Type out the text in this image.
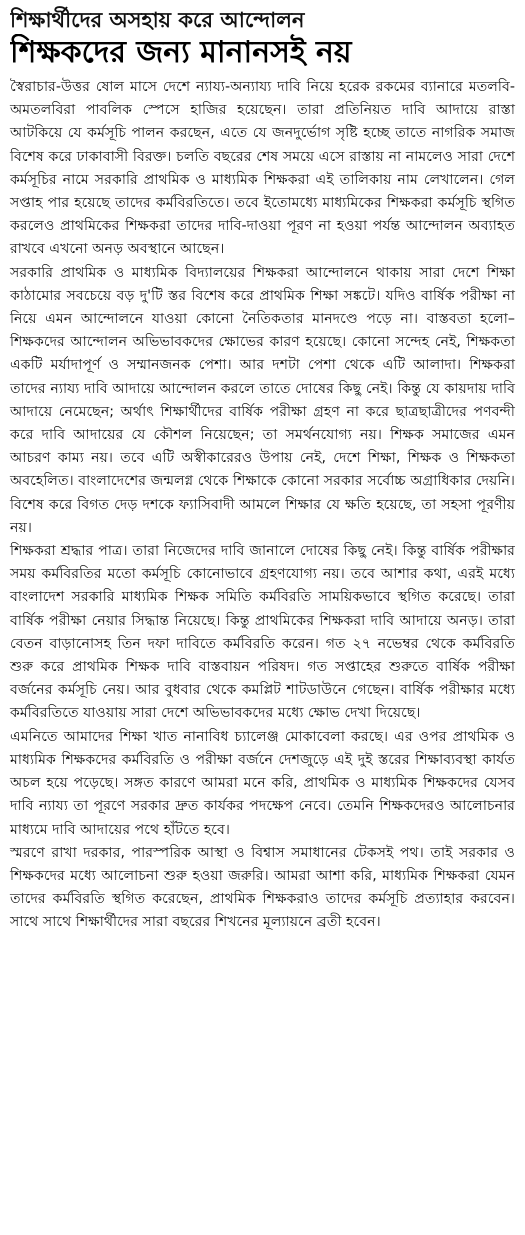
শিক্ষার্থীদের অসহায় করে আন্দোলন
শিক্ষকদের জন্য মানানসই নয়

স্বৈরাচার-উত্তর ষোল মাসে দেশে ন্যায্য-অন্যায্য দাবি নিয়ে হরেক রকমের ব্যানারে মতলবি-অমতলবিরা পাবলিক স্পেসে হাজির হয়েছেন। তারা প্রতিনিয়ত দাবি আদায়ে রাস্তা আটকিয়ে যে কর্মসূচি পালন করছেন, এতে যে জনদুর্ভোগ সৃষ্টি হচ্ছে তাতে নাগরিক সমাজ বিশেষ করে ঢাকাবাসী বিরক্ত। চলতি বছরের শেষ সময়ে এসে রাস্তায় না নামলেও সারা দেশে কর্মসূচির নামে সরকারি প্রাথমিক ও মাধ্যমিক শিক্ষকরা এই তালিকায় নাম লেখালেন। গেল সপ্তাহ পার হয়েছে তাদের কর্মবিরতিতে। তবে ইতোমধ্যে মাধ্যমিকের শিক্ষকরা কর্মসূচি স্থগিত করলেও প্রাথমিকের শিক্ষকরা তাদের দাবি-দাওয়া পূরণ না হওয়া পর্যন্ত আন্দোলন অব্যাহত রাখবে এখনো অনড় অবস্থানে আছেন।

সরকারি প্রাথমিক ও মাধ্যমিক বিদ্যালয়ের শিক্ষকরা আন্দোলনে থাকায় সারা দেশে শিক্ষা কাঠামোর সবচেয়ে বড় দু'টি স্তর বিশেষ করে প্রাথমিক শিক্ষা সঙ্কটে। যদিও বার্ষিক পরীক্ষা না নিয়ে এমন আন্দোলনে যাওয়া কোনো নৈতিকতার মানদণ্ডে পড়ে না। বাস্তবতা হলো– শিক্ষকদের আন্দোলন অভিভাবকদের ক্ষোভের কারণ হয়েছে। কোনো সন্দেহ নেই, শিক্ষকতা একটি মর্যাদাপূর্ণ ও সম্মানজনক পেশা। আর দশটা পেশা থেকে এটি আলাদা। শিক্ষকরা তাদের ন্যায্য দাবি আদায়ে আন্দোলন করলে তাতে দোষের কিছু নেই। কিন্তু যে কায়দায় দাবি আদায়ে নেমেছেন; অর্থাৎ শিক্ষার্থীদের বার্ষিক পরীক্ষা গ্রহণ না করে ছাত্রছাত্রীদের পণবন্দী করে দাবি আদায়ের যে কৌশল নিয়েছেন; তা সমর্থনযোগ্য নয়। শিক্ষক সমাজের এমন আচরণ কাম্য নয়। তবে এটি অস্বীকারেরও উপায় নেই, দেশে শিক্ষা, শিক্ষক ও শিক্ষকতা অবহেলিত। বাংলাদেশের জন্মলগ্ন থেকে শিক্ষাকে কোনো সরকার সর্বোচ্চ অগ্রাধিকার দেয়নি। বিশেষ করে বিগত দেড় দশকে ফ্যাসিবাদী আমলে শিক্ষার যে ক্ষতি হয়েছে, তা সহসা পূরণীয় নয়।

শিক্ষকরা শ্রদ্ধার পাত্র। তারা নিজেদের দাবি জানালে দোষের কিছু নেই। কিন্তু বার্ষিক পরীক্ষার সময় কর্মবিরতির মতো কর্মসূচি কোনোভাবে গ্রহণযোগ্য নয়। তবে আশার কথা, এরই মধ্যে বাংলাদেশ সরকারি মাধ্যমিক শিক্ষক সমিতি কর্মবিরতি সাময়িকভাবে স্থগিত করেছে। তারা বার্ষিক পরীক্ষা নেয়ার সিদ্ধান্ত নিয়েছে। কিন্তু প্রাথমিকের শিক্ষকরা দাবি আদায়ে অনড়। তারা বেতন বাড়ানোসহ তিন দফা দাবিতে কর্মবিরতি করেন। গত ২৭ নভেম্বর থেকে কর্মবিরতি শুরু করে প্রাথমিক শিক্ষক দাবি বাস্তবায়ন পরিষদ। গত সপ্তাহের শুরুতে বার্ষিক পরীক্ষা বর্জনের কর্মসূচি নেয়। আর বুধবার থেকে কমপ্লিট শাটডাউনে গেছেন। বার্ষিক পরীক্ষার মধ্যে কর্মবিরতিতে যাওয়ায় সারা দেশে অভিভাবকদের মধ্যে ক্ষোভ দেখা দিয়েছে।

এমনিতে আমাদের শিক্ষা খাত নানাবিধ চ্যালেঞ্জ মোকাবেলা করছে। এর ওপর প্রাথমিক ও মাধ্যমিক শিক্ষকদের কর্মবিরতি ও পরীক্ষা বর্জনে দেশজুড়ে এই দুই স্তরের শিক্ষাব্যবস্থা কার্যত অচল হয়ে পড়েছে। সঙ্গত কারণে আমরা মনে করি, প্রাথমিক ও মাধ্যমিক শিক্ষকদের যেসব দাবি ন্যায্য তা পূরণে সরকার দ্রুত কার্যকর পদক্ষেপ নেবে। তেমনি শিক্ষকদেরও আলোচনার মাধ্যমে দাবি আদায়ের পথে হাঁটতে হবে।

স্মরণে রাখা দরকার, পারস্পরিক আস্থা ও বিশ্বাস সমাধানের টেকসই পথ। তাই সরকার ও শিক্ষকদের মধ্যে আলোচনা শুরু হওয়া জরুরি। আমরা আশা করি, মাধ্যমিক শিক্ষকরা যেমন তাদের কর্মবিরতি স্থগিত করেছেন, প্রাথমিক শিক্ষকরাও তাদের কর্মসূচি প্রত্যাহার করবেন। সাথে সাথে শিক্ষার্থীদের সারা বছরের শিখনের মূল্যায়নে ব্রতী হবেন।
